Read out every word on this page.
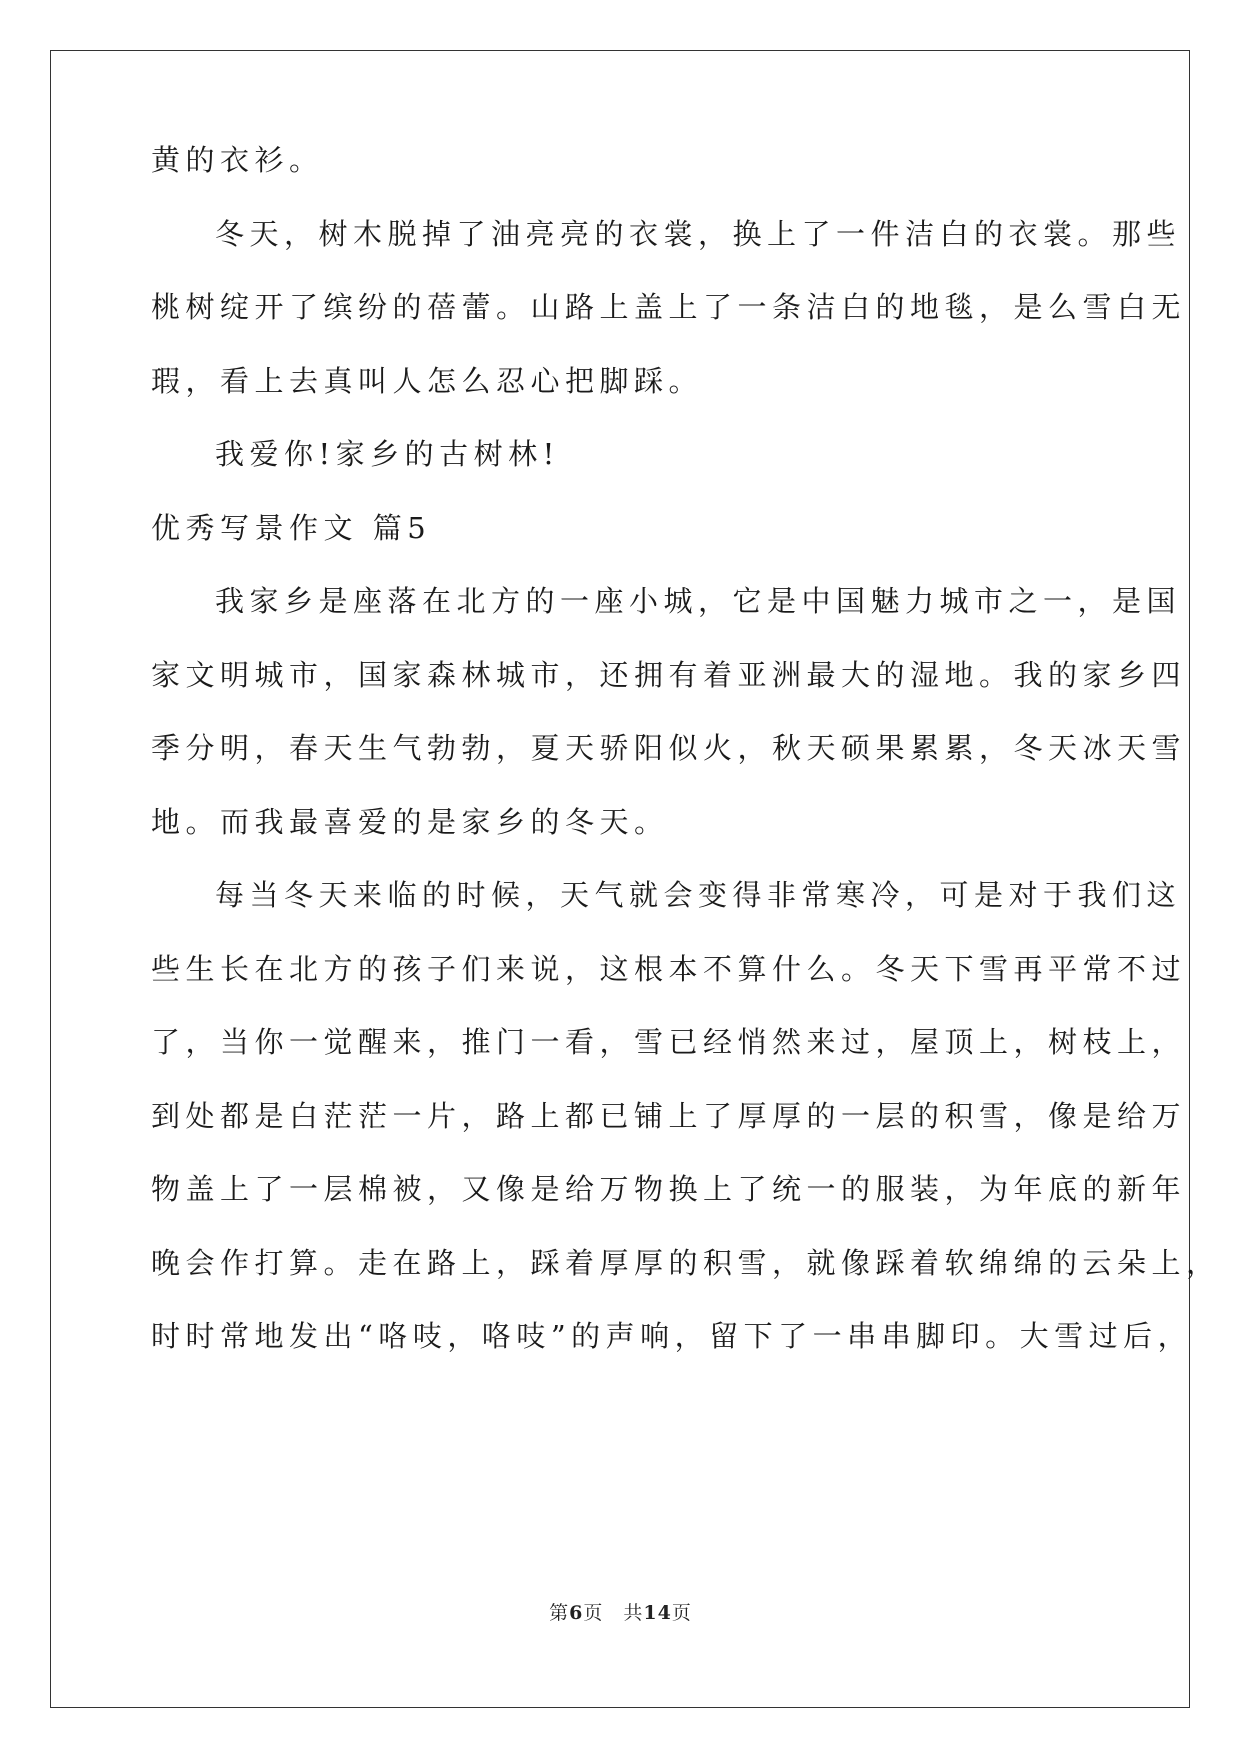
黄的衣衫。
冬天，树木脱掉了油亮亮的衣裳，换上了一件洁白的衣裳。那些
桃树绽开了缤纷的蓓蕾。山路上盖上了一条洁白的地毯，是么雪白无
瑕，看上去真叫人怎么忍心把脚踩。
我爱你!家乡的古树林!
优秀写景作文 篇5
我家乡是座落在北方的一座小城，它是中国魅力城市之一，是国
家文明城市，国家森林城市，还拥有着亚洲最大的湿地。我的家乡四
季分明，春天生气勃勃，夏天骄阳似火，秋天硕果累累，冬天冰天雪
地。而我最喜爱的是家乡的冬天。
每当冬天来临的时候，天气就会变得非常寒冷，可是对于我们这
些生长在北方的孩子们来说，这根本不算什么。冬天下雪再平常不过
了，当你一觉醒来，推门一看，雪已经悄然来过，屋顶上，树枝上，
到处都是白茫茫一片，路上都已铺上了厚厚的一层的积雪，像是给万
物盖上了一层棉被，又像是给万物换上了统一的服装，为年底的新年
晚会作打算。走在路上，踩着厚厚的积雪，就像踩着软绵绵的云朵上，
时时常地发出“咯吱，咯吱”的声响，留下了一串串脚印。大雪过后，
第6页　共14页
